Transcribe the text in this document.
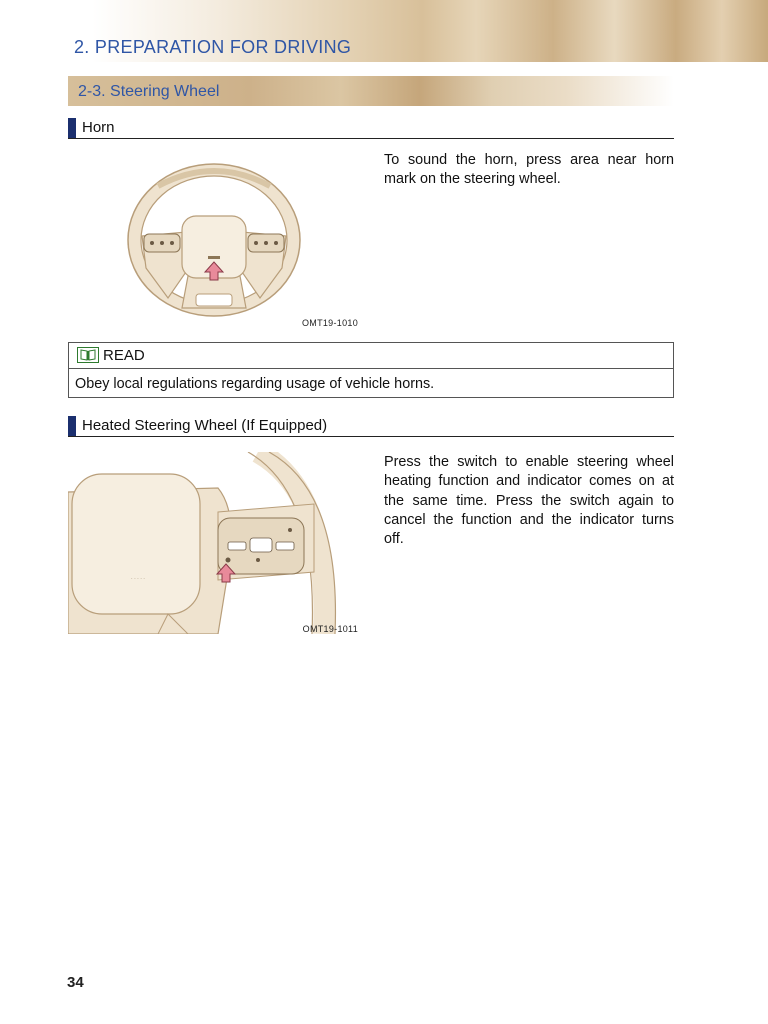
2. PREPARATION FOR DRIVING
2-3. Steering Wheel
Horn
OMT19-1010
To sound the horn, press area near horn mark on the steering wheel.
READ
Obey local regulations regarding usage of vehicle horns.
Heated Steering Wheel (If Equipped)
· · · · ·
OMT19-1011
Press the switch to enable steering wheel heating function and indicator comes on at the same time. Press the switch again to cancel the function and the indicator turns off.
34
